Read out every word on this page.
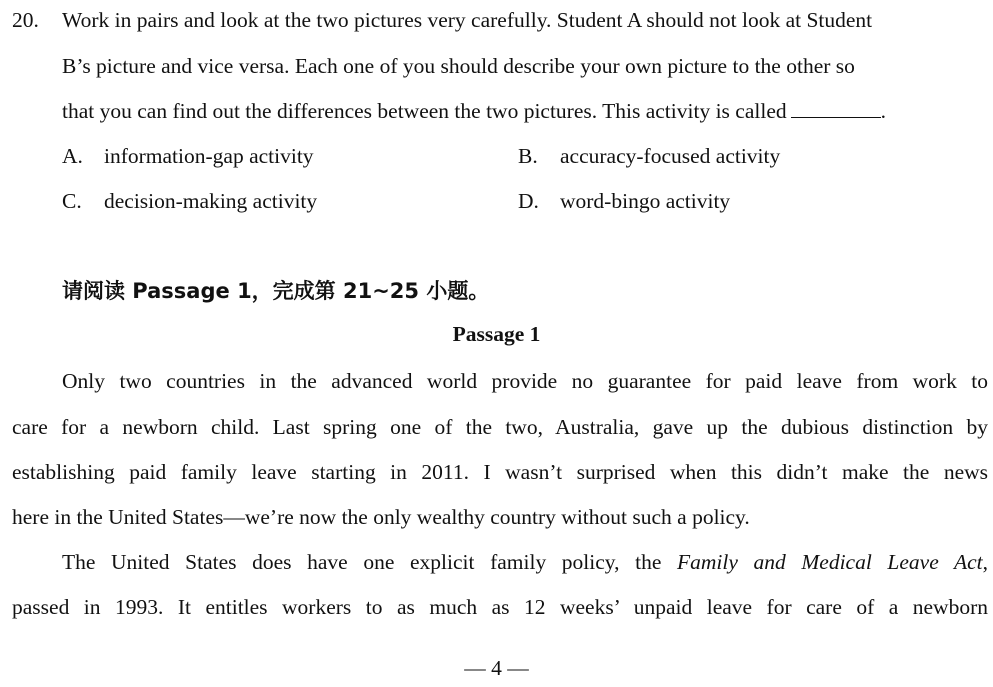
20. Work in pairs and look at the two pictures very carefully. Student A should not look at Student
B’s picture and vice versa. Each one of you should describe your own picture to the other so
that you can find out the differences between the two pictures. This activity is called	.
A. information-gap activity	B. accuracy-focused activity
C. decision-making activity	D. word-bingo activity
请阅读 Passage 1，完成第 21~25 小题。
Passage 1
Only two countries in the advanced world provide no guarantee for paid leave from work to
care for a newborn child. Last spring one of the two, Australia, gave up the dubious distinction by
establishing paid family leave starting in 2011. I wasn’t surprised when this didn’t make the news
here in the United States—we’re now the only wealthy country without such a policy.
The United States does have one explicit family policy, the Family and Medical Leave Act,
passed in 1993. It entitles workers to as much as 12 weeks’ unpaid leave for care of a newborn
— 4 —
